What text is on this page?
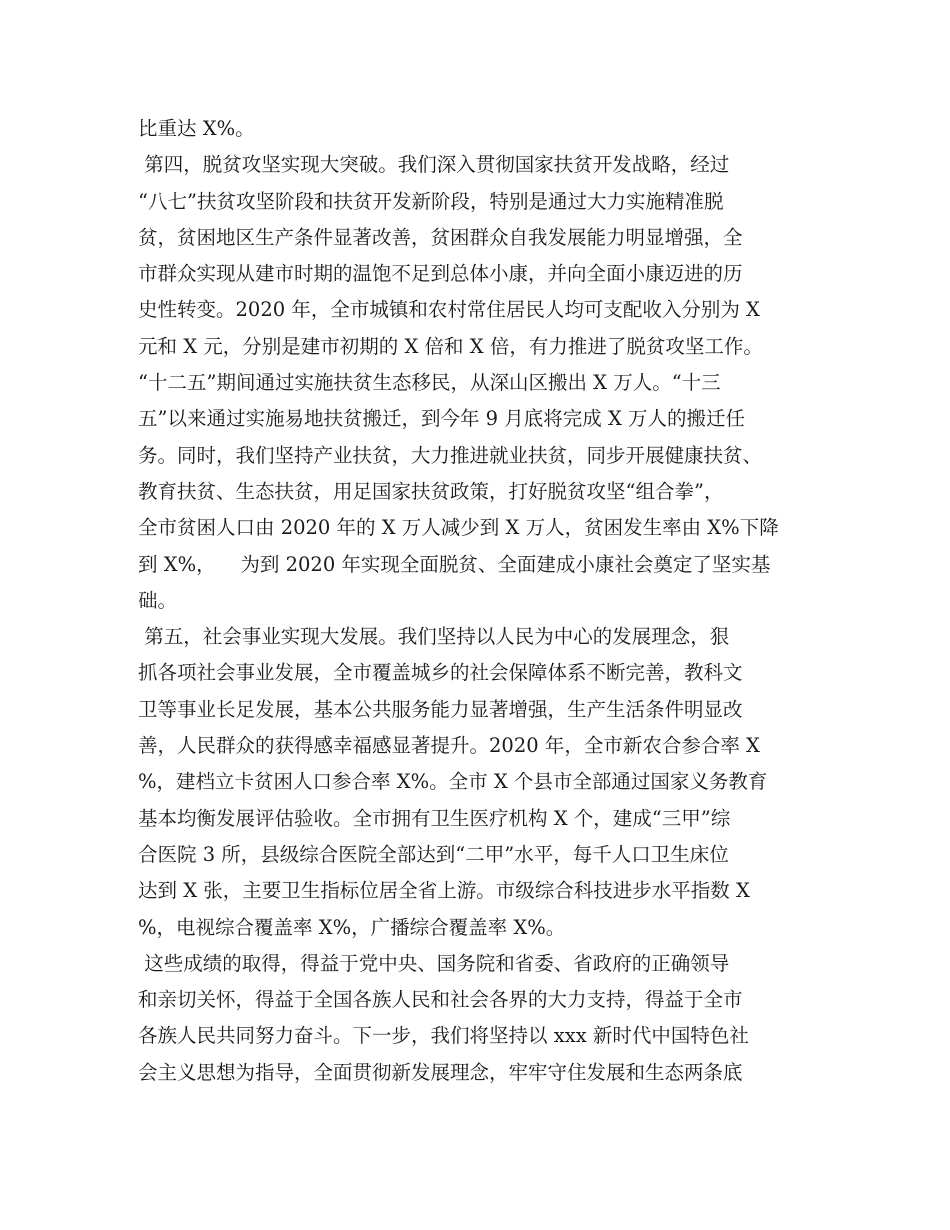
比重达 X%。
第四，脱贫攻坚实现大突破。我们深入贯彻国家扶贫开发战略，经过
“八七”扶贫攻坚阶段和扶贫开发新阶段，特别是通过大力实施精准脱
贫，贫困地区生产条件显著改善，贫困群众自我发展能力明显增强，全
市群众实现从建市时期的温饱不足到总体小康，并向全面小康迈进的历
史性转变。2020 年，全市城镇和农村常住居民人均可支配收入分别为 X
元和 X 元，分别是建市初期的 X 倍和 X 倍，有力推进了脱贫攻坚工作。
“十二五”期间通过实施扶贫生态移民，从深山区搬出 X 万人。“十三
五”以来通过实施易地扶贫搬迁，到今年 9 月底将完成 X 万人的搬迁任
务。同时，我们坚持产业扶贫，大力推进就业扶贫，同步开展健康扶贫、
教育扶贫、生态扶贫，用足国家扶贫政策，打好脱贫攻坚“组合拳”，
全市贫困人口由 2020 年的 X 万人减少到 X 万人，贫困发生率由 X%下降
到 X%，    为到 2020 年实现全面脱贫、全面建成小康社会奠定了坚实基
础。
第五，社会事业实现大发展。我们坚持以人民为中心的发展理念，狠
抓各项社会事业发展，全市覆盖城乡的社会保障体系不断完善，教科文
卫等事业长足发展，基本公共服务能力显著增强，生产生活条件明显改
善，人民群众的获得感幸福感显著提升。2020 年，全市新农合参合率 X
%，建档立卡贫困人口参合率 X%。全市 X 个县市全部通过国家义务教育
基本均衡发展评估验收。全市拥有卫生医疗机构 X 个，建成“三甲”综
合医院 3 所，县级综合医院全部达到“二甲”水平，每千人口卫生床位
达到 X 张，主要卫生指标位居全省上游。市级综合科技进步水平指数 X
%，电视综合覆盖率 X%，广播综合覆盖率 X%。
这些成绩的取得，得益于党中央、国务院和省委、省政府的正确领导
和亲切关怀，得益于全国各族人民和社会各界的大力支持，得益于全市
各族人民共同努力奋斗。下一步，我们将坚持以 xxx 新时代中国特色社
会主义思想为指导，全面贯彻新发展理念，牢牢守住发展和生态两条底
